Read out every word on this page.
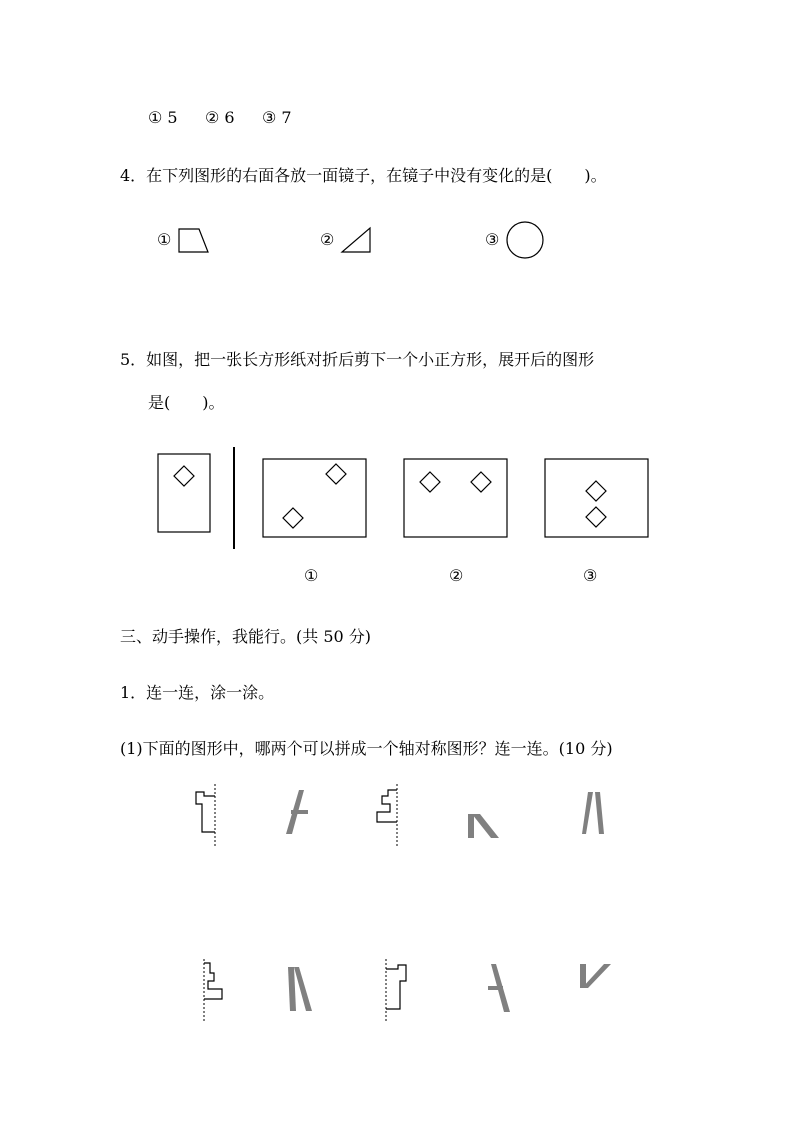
① 5 ② 6 ③ 7
4．在下列图形的右面各放一面镜子，在镜子中没有变化的是(　　)。
①	②	③
5．如图，把一张长方形纸对折后剪下一个小正方形，展开后的图形
是(　　)。
①	②	③
三、动手操作，我能行。(共 50 分)
1．连一连，涂一涂。
(1)下面的图形中，哪两个可以拼成一个轴对称图形？连一连。(10 分)
